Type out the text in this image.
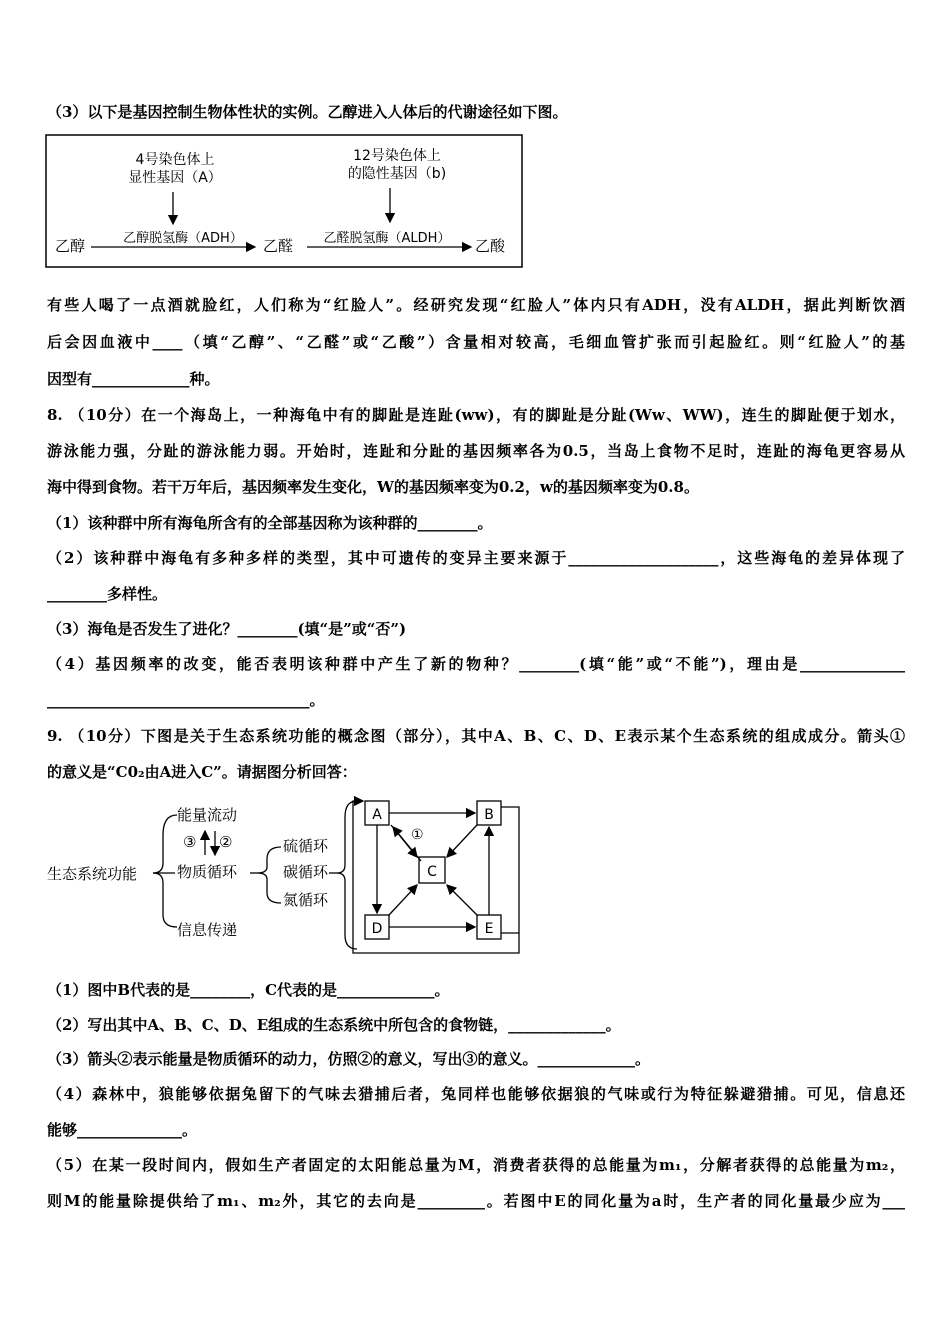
（3）以下是基因控制生物体性状的实例。乙醇进入人体后的代谢途径如下图。
4号染色体上
显性基因（A）
12号染色体上
的隐性基因（b)
乙醇	乙醇脱氢酶（ADH） 乙醛 乙醛脱氢酶（ALDH） 乙酸
有些人喝了一点酒就脸红，人们称为“红脸人”。经研究发现“红脸人”体内只有ADH，没有ALDH，据此判断饮酒
后会因血液中____（填“乙醇”、“乙醛”或“乙酸”）含量相对较高，毛细血管扩张而引起脸红。则“红脸人”的基
因型有_____________种。
8. （10分）在一个海岛上，一种海龟中有的脚趾是连趾(ww)，有的脚趾是分趾(Ww、WW)，连生的脚趾便于划水，
游泳能力强，分趾的游泳能力弱。开始时，连趾和分趾的基因频率各为0.5，当岛上食物不足时，连趾的海龟更容易从
海中得到食物。若干万年后，基因频率发生变化，W的基因频率变为0.2，w的基因频率变为0.8。
（1）该种群中所有海龟所含有的全部基因称为该种群的________。
（2）该种群中海龟有多种多样的类型，其中可遗传的变异主要来源于____________________，这些海龟的差异体现了
________多样性。
（3）海龟是否发生了进化？________(填“是”或“否”)
（4）基因频率的改变，能否表明该种群中产生了新的物种？________(填“能”或“不能”)，理由是______________
___________________________________。
9. （10分）下图是关于生态系统功能的概念图（部分），其中A、B、C、D、E表示某个生态系统的组成成分。箭头①
的意义是“C0₂由A进入C”。请据图分析回答：
生态系统功能
能量流动
物质循环
信息传递
③ ②	硫循环
碳循环
氮循环
A	B
C
D	E
①
（1）图中B代表的是________，C代表的是_____________。
（2）写出其中A、B、C、D、E组成的生态系统中所包含的食物链，_____________。
（3）箭头②表示能量是物质循环的动力，仿照②的意义，写出③的意义。_____________。
（4）森林中，狼能够依据兔留下的气味去猎捕后者，兔同样也能够依据狼的气味或行为特征躲避猎捕。可见，信息还
能够______________。
（5）在某一段时间内，假如生产者固定的太阳能总量为M，消费者获得的总能量为m₁，分解者获得的总能量为m₂，
则M的能量除提供给了m₁、m₂外，其它的去向是_________。若图中E的同化量为a时，生产者的同化量最少应为___
